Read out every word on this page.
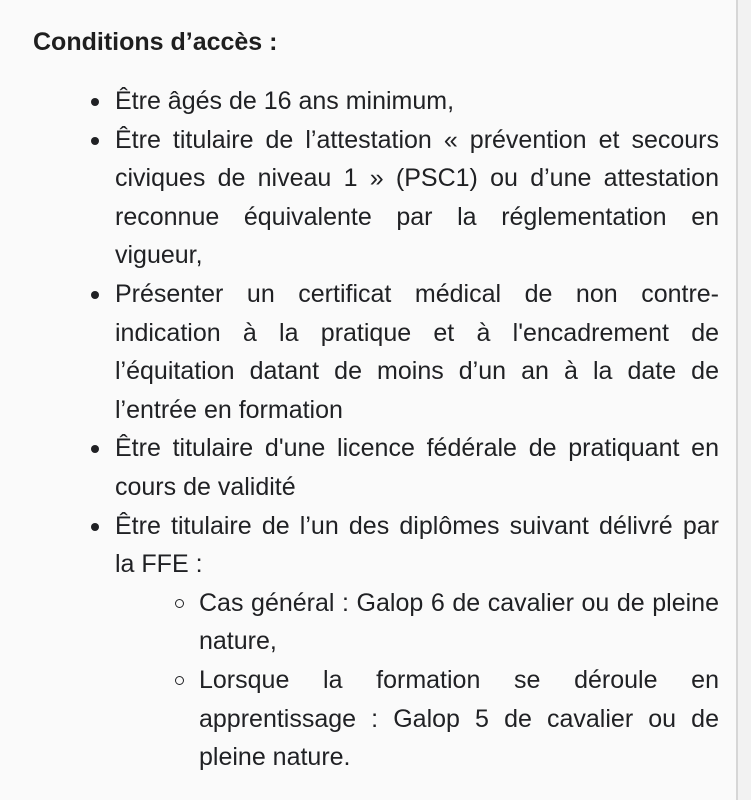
Conditions d’accès :
Être âgés de 16 ans minimum,
Être titulaire de l’attestation « prévention et secours civiques de niveau 1 » (PSC1) ou d’une attestation reconnue équivalente par la réglementation en vigueur,
Présenter un certificat médical de non contre-indication à la pratique et à l'encadrement de l’équitation datant de moins d’un an à la date de l’entrée en formation
Être titulaire d'une licence fédérale de pratiquant en cours de validité
Être titulaire de l’un des diplômes suivant délivré par la FFE :
Cas général : Galop 6 de cavalier ou de pleine nature,
Lorsque la formation se déroule en apprentissage : Galop 5 de cavalier ou de pleine nature.
